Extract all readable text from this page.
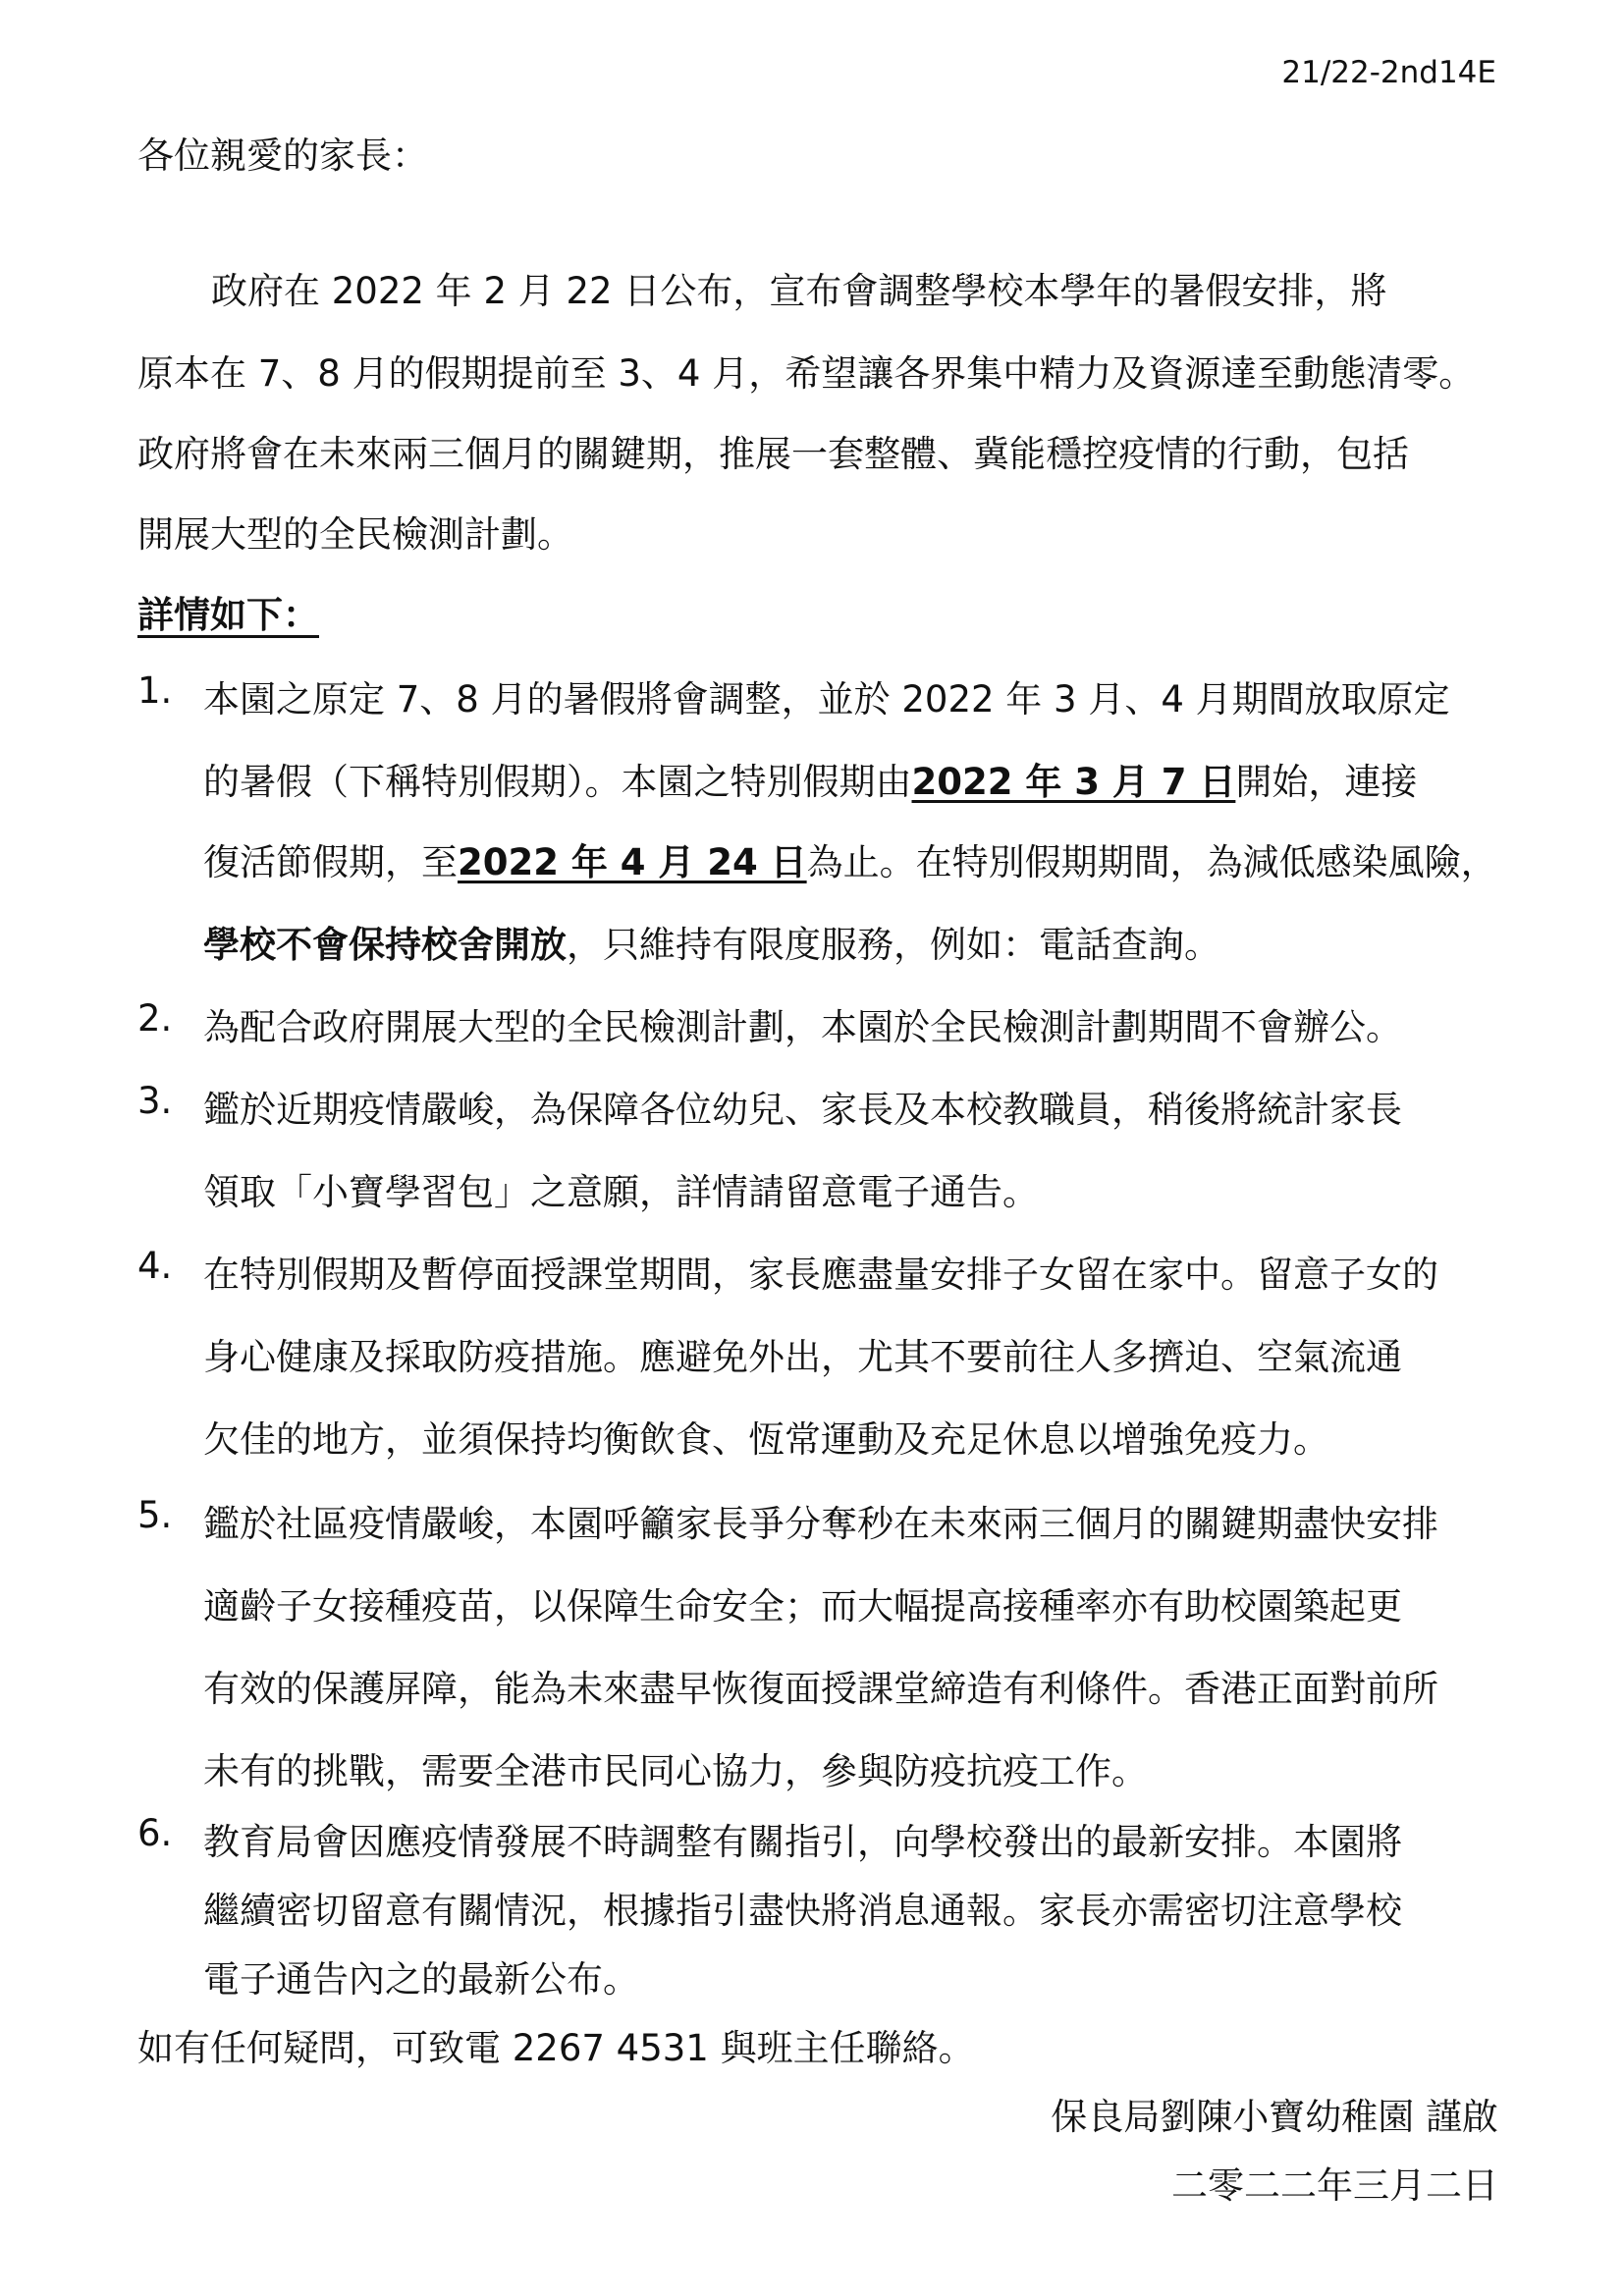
21/22-2nd14E
各位親愛的家長：
政府在 2022 年 2 月 22 日公布，宣布會調整學校本學年的暑假安排，將
原本在 7、8 月的假期提前至 3、4 月，希望讓各界集中精力及資源達至動態清零。
政府將會在未來兩三個月的關鍵期，推展一套整體、冀能穩控疫情的行動，包括
開展大型的全民檢測計劃。
詳情如下：
1. 本園之原定 7、8 月的暑假將會調整，並於 2022 年 3 月、4 月期間放取原定
的暑假（下稱特別假期）。本園之特別假期由2022 年 3 月 7 日開始，連接
復活節假期，至2022 年 4 月 24 日為止。在特別假期期間，為減低感染風險，
學校不會保持校舍開放，只維持有限度服務，例如：電話查詢。
2. 為配合政府開展大型的全民檢測計劃，本園於全民檢測計劃期間不會辦公。
3. 鑑於近期疫情嚴峻，為保障各位幼兒、家長及本校教職員，稍後將統計家長
領取「小寶學習包」之意願，詳情請留意電子通告。
4. 在特別假期及暫停面授課堂期間，家長應盡量安排子女留在家中。留意子女的
身心健康及採取防疫措施。應避免外出，尤其不要前往人多擠迫、空氣流通
欠佳的地方，並須保持均衡飲食、恆常運動及充足休息以增強免疫力。
5. 鑑於社區疫情嚴峻，本園呼籲家長爭分奪秒在未來兩三個月的關鍵期盡快安排
適齡子女接種疫苗，以保障生命安全；而大幅提高接種率亦有助校園築起更
有效的保護屏障，能為未來盡早恢復面授課堂締造有利條件。香港正面對前所
未有的挑戰，需要全港市民同心協力，參與防疫抗疫工作。
6. 教育局會因應疫情發展不時調整有關指引，向學校發出的最新安排。本園將
繼續密切留意有關情況，根據指引盡快將消息通報。家長亦需密切注意學校
電子通告內之的最新公布。
如有任何疑問，可致電 2267 4531 與班主任聯絡。
保良局劉陳小寶幼稚園 謹啟
二零二二年三月二日
